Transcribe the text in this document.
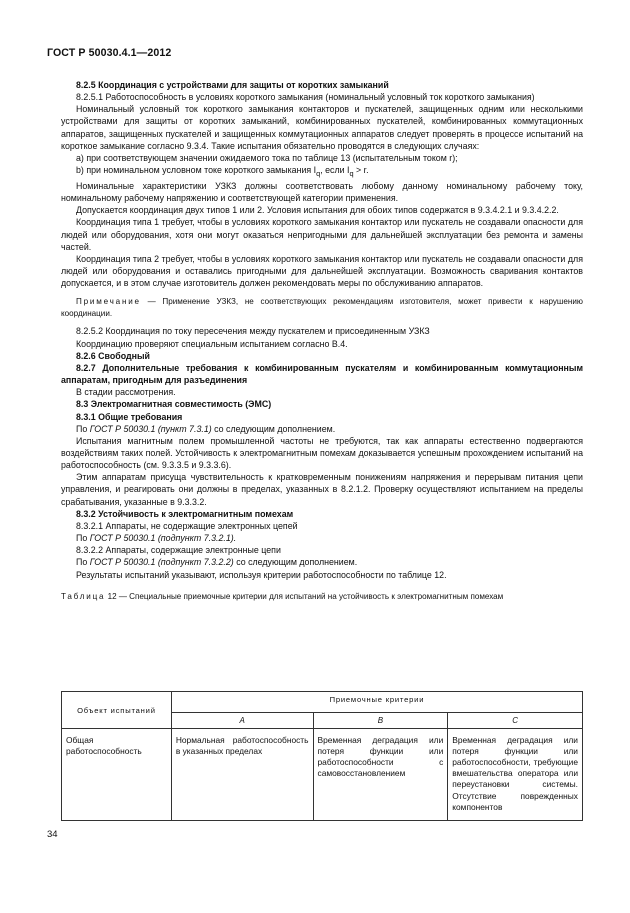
ГОСТ Р 50030.4.1—2012

8.2.5 Координация с устройствами для защиты от коротких замыканий

8.2.5.1 Работоспособность в условиях короткого замыкания (номинальный условный ток короткого замыкания)

Номинальный условный ток короткого замыкания контакторов и пускателей, защищенных одним или несколькими устройствами для защиты от коротких замыканий, комбинированных пускателей, комбинированных коммутационных аппаратов, защищенных пускателей и защищенных коммутационных аппаратов следует проверять в процессе испытаний на короткое замыкание согласно 9.3.4. Такие испытания обязательно проводятся в следующих случаях:

а) при соответствующем значении ожидаемого тока по таблице 13 (испытательным током r);

b) при номинальном условном токе короткого замыкания $I_q$, если $I_q > r$.

Номинальные характеристики УЗКЗ должны соответствовать любому данному номинальному рабочему току, номинальному рабочему напряжению и соответствующей категории применения.

Допускается координация двух типов 1 или 2. Условия испытания для обоих типов содержатся в 9.3.4.2.1 и 9.3.4.2.2.

Координация типа 1 требует, чтобы в условиях короткого замыкания контактор или пускатель не создавали опасности для людей или оборудования, хотя они могут оказаться непригодными для дальнейшей эксплуатации без ремонта и замены частей.

Координация типа 2 требует, чтобы в условиях короткого замыкания контактор или пускатель не создавали опасности для людей или оборудования и оставались пригодными для дальнейшей эксплуатации. Возможность сваривания контактов допускается, и в этом случае изготовитель должен рекомендовать меры по обслуживанию аппаратов.

Примечание — Применение УЗКЗ, не соответствующих рекомендациям изготовителя, может привести к нарушению координации.

8.2.5.2 Координация по току пересечения между пускателем и присоединенным УЗКЗ

Координацию проверяют специальным испытанием согласно В.4.

8.2.6 Свободный

8.2.7 Дополнительные требования к комбинированным пускателям и комбинированным коммутационным аппаратам, пригодным для разъединения

В стадии рассмотрения.

8.3 Электромагнитная совместимость (ЭМС)

8.3.1 Общие требования

По ГОСТ Р 50030.1 (пункт 7.3.1) со следующим дополнением.

Испытания магнитным полем промышленной частоты не требуются, так как аппараты естественно подвергаются воздействиям таких полей. Устойчивость к электромагнитным помехам доказывается успешным прохождением испытаний на работоспособность (см. 9.3.3.5 и 9.3.3.6).

Этим аппаратам присуща чувствительность к кратковременным понижениям напряжения и перерывам питания цепи управления, и реагировать они должны в пределах, указанных в 8.2.1.2. Проверку осуществляют испытанием на пределы срабатывания, указанные в 9.3.3.2.

8.3.2 Устойчивость к электромагнитным помехам

8.3.2.1 Аппараты, не содержащие электронных цепей

По ГОСТ Р 50030.1 (подпункт 7.3.2.1).

8.3.2.2 Аппараты, содержащие электронные цепи

По ГОСТ Р 50030.1 (подпункт 7.3.2.2) со следующим дополнением.

Результаты испытаний указывают, используя критерии работоспособности по таблице 12.

Таблица 12 — Специальные приемочные критерии для испытаний на устойчивость к электромагнитным помехам

Объект испытаний	Приемочные критерии		
	A	B	C
Общая работоспособность	Нормальная работоспособность в указанных пределах	Временная деградация или потеря функции или работоспособности с самовосстановлением	Временная деградация или потеря функции или работоспособности, требующие вмешательства оператора или переустановки системы. Отсутствие поврежденных компонентов
34
